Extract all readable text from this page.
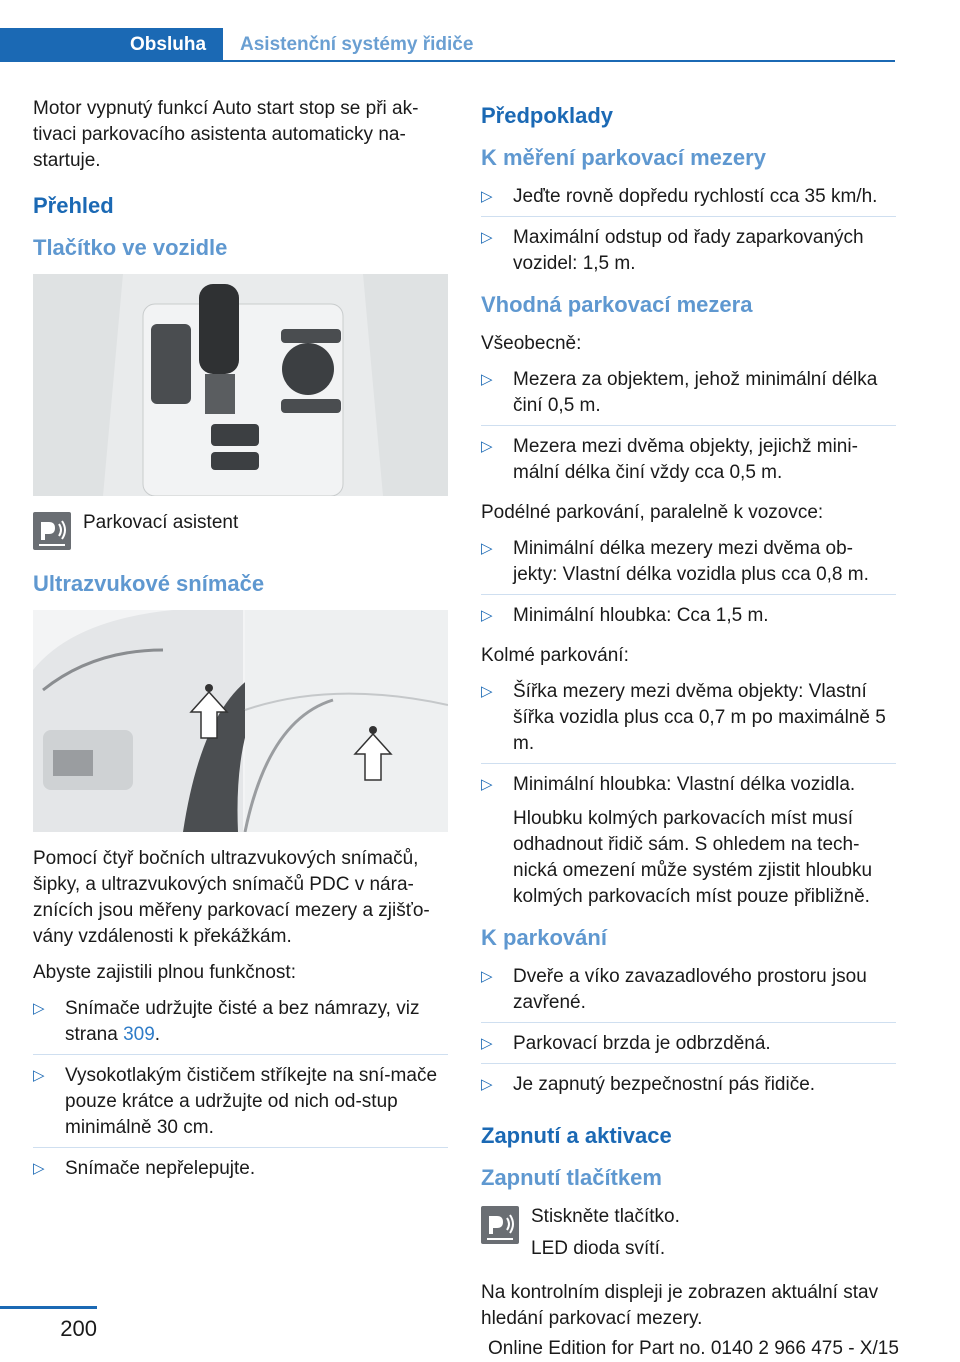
Obsluha	Asistenční systémy řidiče

Motor vypnutý funkcí Auto start stop se při ak-tivaci parkovacího asistenta automaticky na-startuje.

Přehled
Tlačítko ve vozidle
Parkovací asistent
Ultrazvukové snímače

Pomocí čtyř bočních ultrazvukových snímačů, šipky, a ultrazvukových snímačů PDC v nára-znících jsou měřeny parkovací mezery a zjišťo-vány vzdálenosti k překážkám.

Abyste zajistili plnou funkčnost:

▷ Snímače udržujte čisté a bez námrazy, viz strana 309.
▷ Vysokotlakým čističem stříkejte na sní-mače pouze krátce a udržujte od nich od-stup minimálně 30 cm.
▷ Snímače nepřelepujte.
Předpoklady
K měření parkovací mezery
▷ Jeďte rovně dopředu rychlostí cca 35 km/h.
▷ Maximální odstup od řady zaparkovaných vozidel: 1,5 m.
Vhodná parkovací mezera

Všeobecně:

▷ Mezera za objektem, jehož minimální délka činí 0,5 m.
▷ Mezera mezi dvěma objekty, jejichž mini-mální délka činí vždy cca 0,5 m.

Podélné parkování, paralelně k vozovce:

▷ Minimální délka mezery mezi dvěma ob-jekty: Vlastní délka vozidla plus cca 0,8 m.
▷ Minimální hloubka: Cca 1,5 m.

Kolmé parkování:

▷ Šířka mezery mezi dvěma objekty: Vlastní šířka vozidla plus cca 0,7 m po maximálně 5 m.
▷ Minimální hloubka: Vlastní délka vozidla.
Hloubku kolmých parkovacích míst musí odhadnout řidič sám. S ohledem na tech-nická omezení může systém zjistit hloubku kolmých parkovacích míst pouze přibližně.
K parkování
▷ Dveře a víko zavazadlového prostoru jsou zavřené.
▷ Parkovací brzda je odbrzděná.
▷ Je zapnutý bezpečnostní pás řidiče.
Zapnutí a aktivace
Zapnutí tlačítkem
Stiskněte tlačítko.
LED dioda svítí.

Na kontrolním displeji je zobrazen aktuální stav hledání parkovací mezery.

200
Online Edition for Part no. 0140 2 966 475 - X/15
